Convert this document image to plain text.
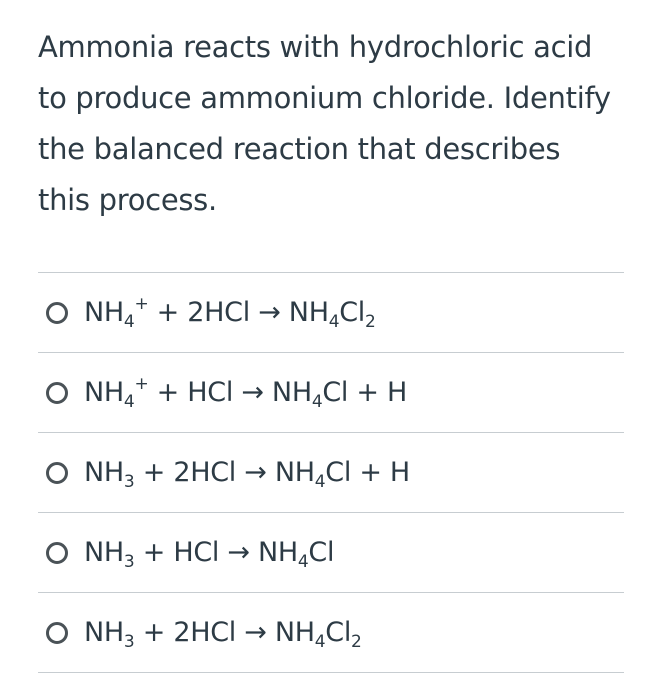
Ammonia reacts with hydrochloric acid
to produce ammonium chloride. Identify
the balanced reaction that describes
this process.
$NH_4^+ + 2HCl \to NH_4Cl_2$
$NH_4^+$ + HCl → $NH_4Cl + H$
$NH_3 + 2HCl \to NH_4Cl + H$
$NH_3$ + HCl → $NH_4Cl$
$NH_3 + 2HCl \to NH_4Cl_2$
